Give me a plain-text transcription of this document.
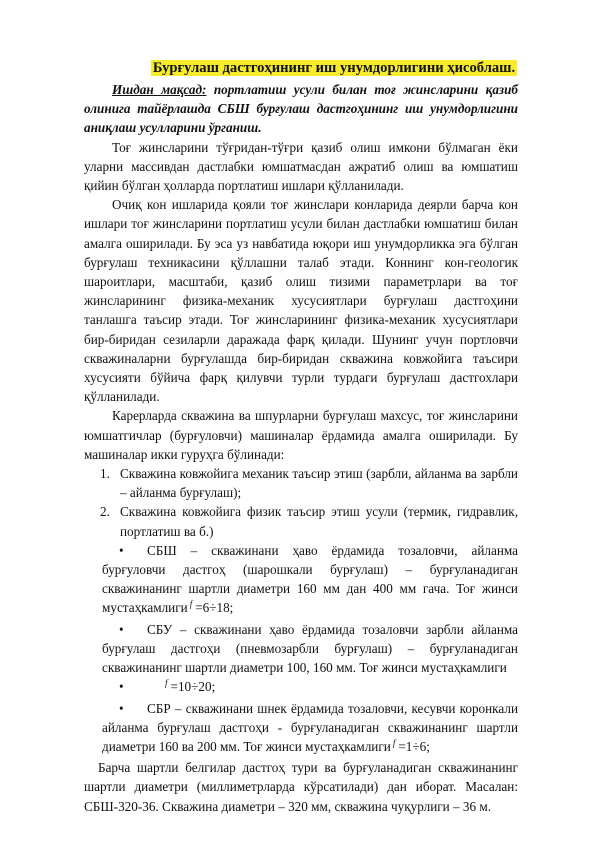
Бурғулаш дастгоҳининг иш унумдорлигини ҳисоблаш.

Ишдан мақсад: портлатиш усули билан тоғ жинсларини қазиб олинига тайёрлашда СБШ бурғулаш дастгоҳининг иш унумдорлигини аниқлаш усулларини ўрганиш.

Тоғ жинсларини тўғридан-тўғри қазиб олиш имкони бўлмаган ёки уларни массивдан дастлабки юмшатмасдан ажратиб олиш ва юмшатиш қийин бўлган ҳолларда портлатиш ишлари қўлланилади.

Очиқ кон ишларида қояли тоғ жинслари конларида деярли барча кон ишлари тоғ жинсларини портлатиш усули билан дастлабки юмшатиш билан амалга оширилади. Бу эса уз навбатида юқори иш унумдорликка эга бўлган бурғулаш техникасини қўллашни талаб этади. Коннинг кон-геологик шароитлари, масштаби, қазиб олиш тизими параметрлари ва тоғ жинсларининг физика-механик хусусиятлари бурғулаш дастгоҳини танлашга таъсир этади. Тоғ жинсларининг физика-механик хусусиятлари бир-биридан сезиларли даражада фарқ қилади. Шунинг учун портловчи скважиналарни бурғулашда бир-биридан скважина ковжойига таъсири хусусияти бўйича фарқ қилувчи турли турдаги бурғулаш дастгохлари қўлланилади.

Карерларда скважина ва шпурларни бурғулаш махсус, тоғ жинсларини юмшатгичлар (бурғуловчи) машиналар ёрдамида амалга оширилади. Бу машиналар икки гуруҳга бўлинади:

1. Скважина ковжойига механик таъсир этиш (зарбли, айланма ва зарбли – айланма бурғулаш);
2. Скважина ковжойига физик таъсир этиш усули (термик, гидравлик, портлатиш ва б.)

• СБШ – скважинани ҳаво ёрдамида тозаловчи, айланма бурғуловчи дастгоҳ (шарошкали бурғулаш) – бурғуланадиган скважинанинг шартли диаметри 160 мм дан 400 мм гача. Тоғ жинси мустаҳкамлиги $^f$ =6÷18;

• СБУ – скважинани ҳаво ёрдамида тозаловчи зарбли айланма бурғулаш дастгоҳи (пневмозарбли бурғулаш) – бурғуланадиган скважинанинг шартли диаметри 100, 160 мм. Тоғ жинси мустаҳкамлиги

•	$^f$ =10÷20;

• СБР – скважинани шнек ёрдамида тозаловчи, кесувчи коронкали айланма бурғулаш дастгоҳи - бурғуланадиган скважинанинг шартли диаметри 160 ва 200 мм. Тоғ жинси мустаҳкамлиги $^f$ =1÷6;

Барча шартли белгилар дастгоҳ тури ва бурғуланадиган скважинанинг шартли диаметри (миллиметрларда кўрсатилади) дан иборат. Масалан: СБШ-320-36. Скважина диаметри – 320 мм, скважина чуқурлиги – 36 м.
